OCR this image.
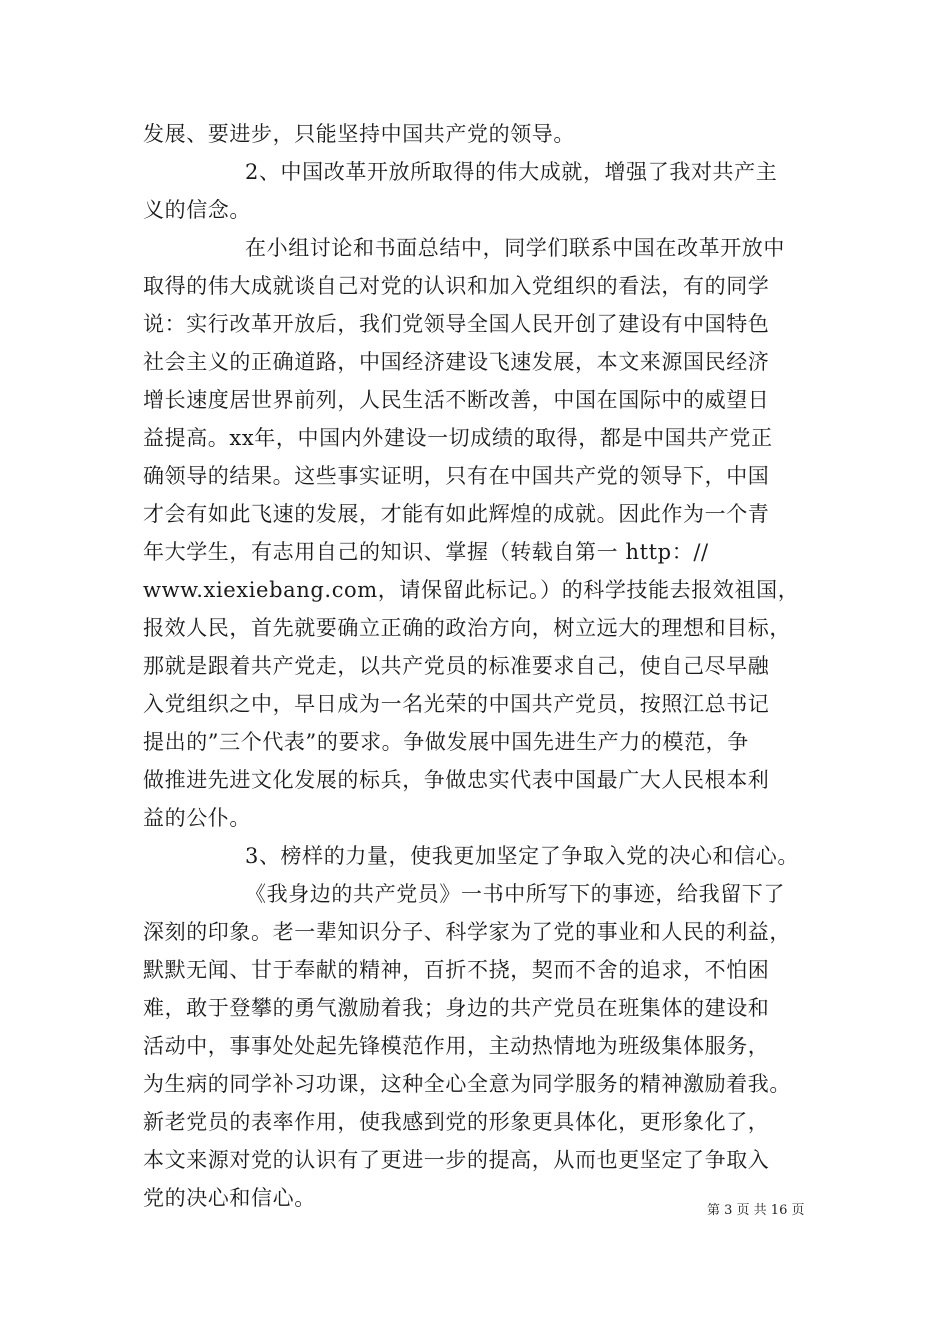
发展、要进步，只能坚持中国共产党的领导。
2、中国改革开放所取得的伟大成就，增强了我对共产主
义的信念。
在小组讨论和书面总结中，同学们联系中国在改革开放中
取得的伟大成就谈自己对党的认识和加入党组织的看法，有的同学
说：实行改革开放后，我们党领导全国人民开创了建设有中国特色
社会主义的正确道路，中国经济建设飞速发展，本文来源国民经济
增长速度居世界前列，人民生活不断改善，中国在国际中的威望日
益提高。xx年，中国内外建设一切成绩的取得，都是中国共产党正
确领导的结果。这些事实证明，只有在中国共产党的领导下，中国
才会有如此飞速的发展，才能有如此辉煌的成就。因此作为一个青
年大学生，有志用自己的知识、掌握（转载自第一 http：//
www.xiexiebang.com，请保留此标记。）的科学技能去报效祖国，
报效人民，首先就要确立正确的政治方向，树立远大的理想和目标，
那就是跟着共产党走，以共产党员的标准要求自己，使自己尽早融
入党组织之中，早日成为一名光荣的中国共产党员，按照江总书记
提出的”三个代表”的要求。争做发展中国先进生产力的模范，争
做推进先进文化发展的标兵，争做忠实代表中国最广大人民根本利
益的公仆。
3、榜样的力量，使我更加坚定了争取入党的决心和信心。
《我身边的共产党员》一书中所写下的事迹，给我留下了
深刻的印象。老一辈知识分子、科学家为了党的事业和人民的利益，
默默无闻、甘于奉献的精神，百折不挠，契而不舍的追求，不怕困
难，敢于登攀的勇气激励着我；身边的共产党员在班集体的建设和
活动中，事事处处起先锋模范作用，主动热情地为班级集体服务，
为生病的同学补习功课，这种全心全意为同学服务的精神激励着我。
新老党员的表率作用，使我感到党的形象更具体化，更形象化了，
本文来源对党的认识有了更进一步的提高，从而也更坚定了争取入
党的决心和信心。
第 3 页 共 16 页
